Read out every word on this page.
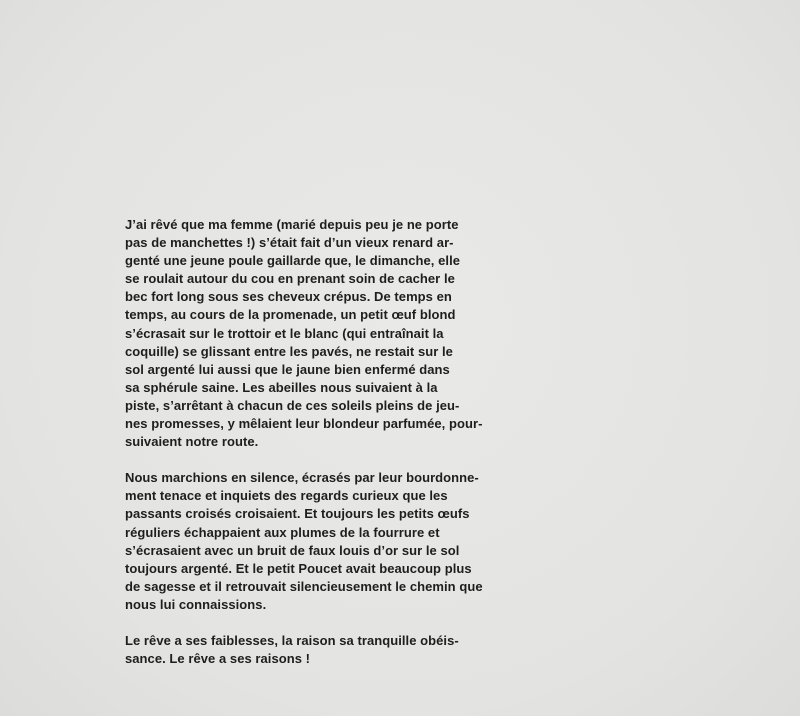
J’ai rêvé que ma femme (marié depuis peu je ne porte
pas de manchettes !) s’était fait d’un vieux renard ar-
genté une jeune poule gaillarde que, le dimanche, elle
se roulait autour du cou en prenant soin de cacher le
bec fort long sous ses cheveux crépus. De temps en
temps, au cours de la promenade, un petit œuf blond
s’écrasait sur le trottoir et le blanc (qui entraînait la
coquille) se glissant entre les pavés, ne restait sur le
sol argenté lui aussi que le jaune bien enfermé dans
sa sphérule saine. Les abeilles nous suivaient à la
piste, s’arrêtant à chacun de ces soleils pleins de jeu-
nes promesses, y mêlaient leur blondeur parfumée, pour-
suivaient notre route.

Nous marchions en silence, écrasés par leur bourdonne-
ment tenace et inquiets des regards curieux que les
passants croisés croisaient. Et toujours les petits œufs
réguliers échappaient aux plumes de la fourrure et
s’écrasaient avec un bruit de faux louis d’or sur le sol
toujours argenté. Et le petit Poucet avait beaucoup plus
de sagesse et il retrouvait silencieusement le chemin que
nous lui connaissions.

Le rêve a ses faiblesses, la raison sa tranquille obéis-
sance. Le rêve a ses raisons !
